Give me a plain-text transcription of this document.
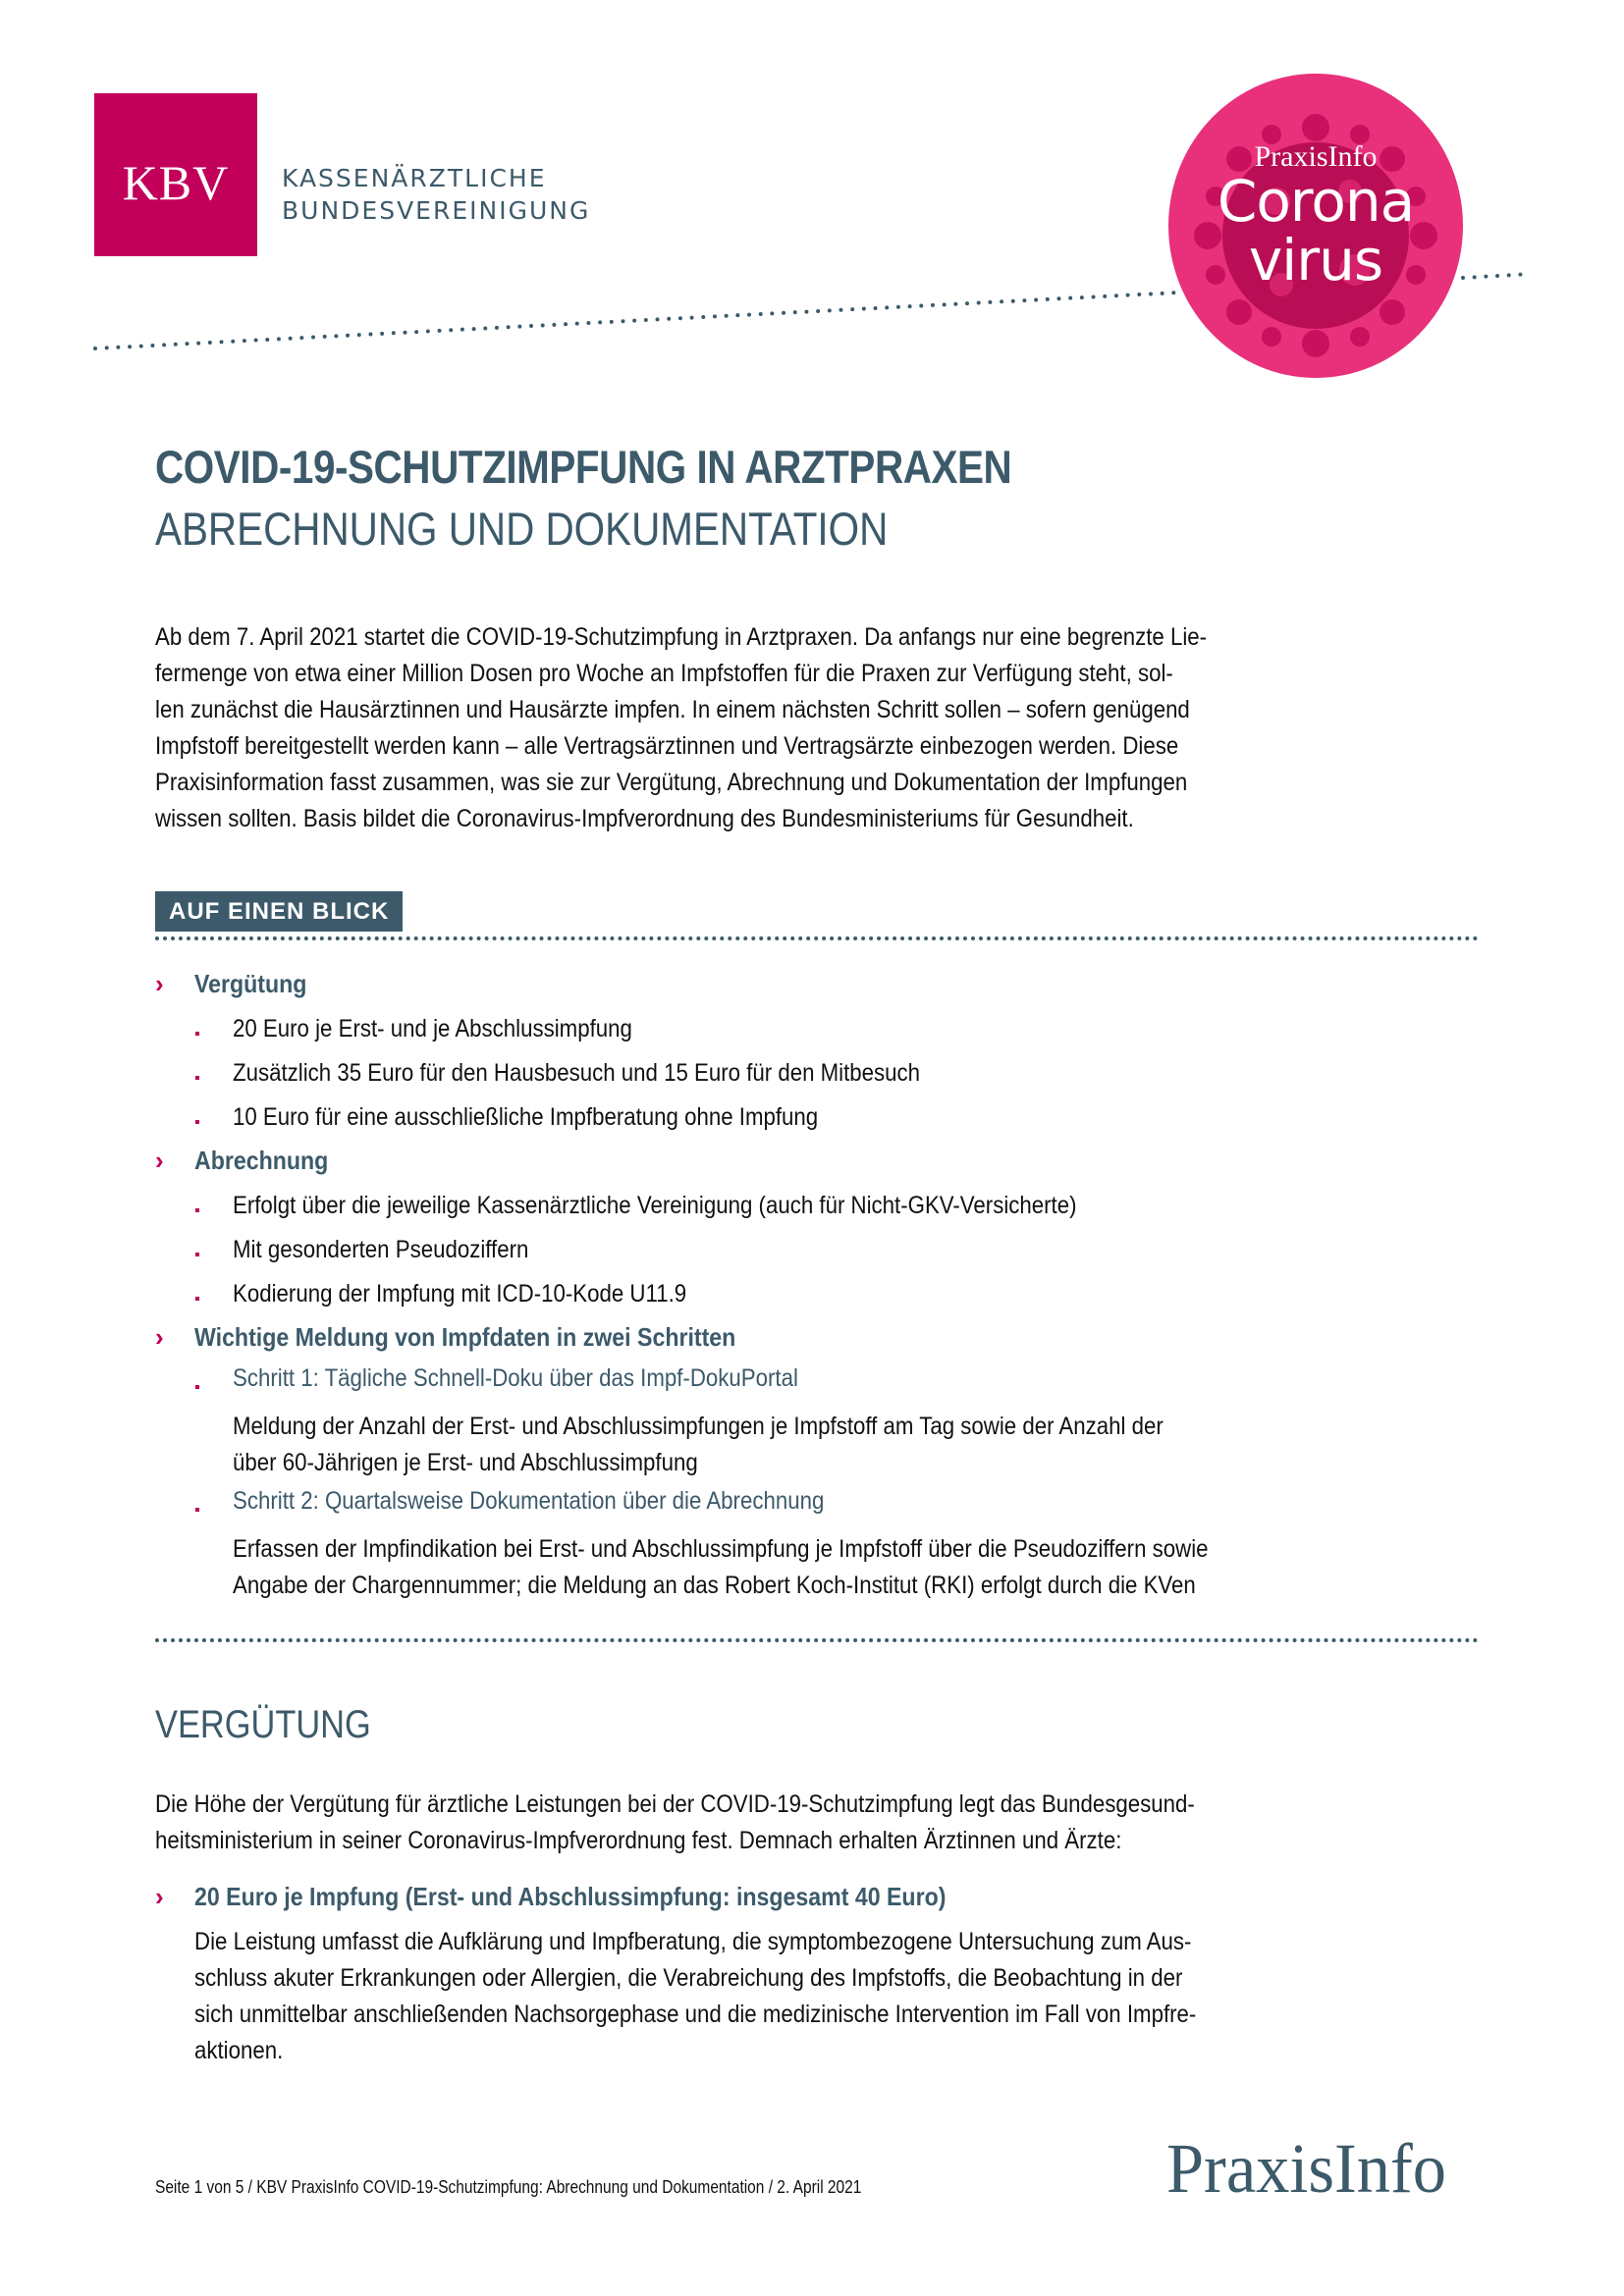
KBV KASSENÄRZTLICHE
BUNDESVEREINIGUNG
PraxisInfo
Corona
virus
COVID-19-SCHUTZIMPFUNG IN ARZTPRAXEN
ABRECHNUNG UND DOKUMENTATION
Ab dem 7. April 2021 startet die COVID-19-Schutzimpfung in Arztpraxen. Da anfangs nur eine begrenzte Lie-
fermenge von etwa einer Million Dosen pro Woche an Impfstoffen für die Praxen zur Verfügung steht, sol-
len zunächst die Hausärztinnen und Hausärzte impfen. In einem nächsten Schritt sollen – sofern genügend
Impfstoff bereitgestellt werden kann – alle Vertragsärztinnen und Vertragsärzte einbezogen werden. Diese
Praxisinformation fasst zusammen, was sie zur Vergütung, Abrechnung und Dokumentation der Impfungen
wissen sollten. Basis bildet die Coronavirus-Impfverordnung des Bundesministeriums für Gesundheit.
AUF EINEN BLICK
› Vergütung
20 Euro je Erst- und je Abschlussimpfung
Zusätzlich 35 Euro für den Hausbesuch und 15 Euro für den Mitbesuch
10 Euro für eine ausschließliche Impfberatung ohne Impfung
› Abrechnung
Erfolgt über die jeweilige Kassenärztliche Vereinigung (auch für Nicht-GKV-Versicherte)
Mit gesonderten Pseudoziffern
Kodierung der Impfung mit ICD-10-Kode U11.9
› Wichtige Meldung von Impfdaten in zwei Schritten
Schritt 1: Tägliche Schnell-Doku über das Impf-DokuPortal
Meldung der Anzahl der Erst- und Abschlussimpfungen je Impfstoff am Tag sowie der Anzahl der
über 60-Jährigen je Erst- und Abschlussimpfung
Schritt 2: Quartalsweise Dokumentation über die Abrechnung
Erfassen der Impfindikation bei Erst- und Abschlussimpfung je Impfstoff über die Pseudoziffern sowie
Angabe der Chargennummer; die Meldung an das Robert Koch-Institut (RKI) erfolgt durch die KVen
VERGÜTUNG
Die Höhe der Vergütung für ärztliche Leistungen bei der COVID-19-Schutzimpfung legt das Bundesgesund-
heitsministerium in seiner Coronavirus-Impfverordnung fest. Demnach erhalten Ärztinnen und Ärzte:
› 20 Euro je Impfung (Erst- und Abschlussimpfung: insgesamt 40 Euro)
Die Leistung umfasst die Aufklärung und Impfberatung, die symptombezogene Untersuchung zum Aus-
schluss akuter Erkrankungen oder Allergien, die Verabreichung des Impfstoffs, die Beobachtung in der
sich unmittelbar anschließenden Nachsorgephase und die medizinische Intervention im Fall von Impfre-
aktionen.
Seite 1 von 5 / KBV PraxisInfo COVID-19-Schutzimpfung: Abrechnung und Dokumentation / 2. April 2021	PraxisInfo
